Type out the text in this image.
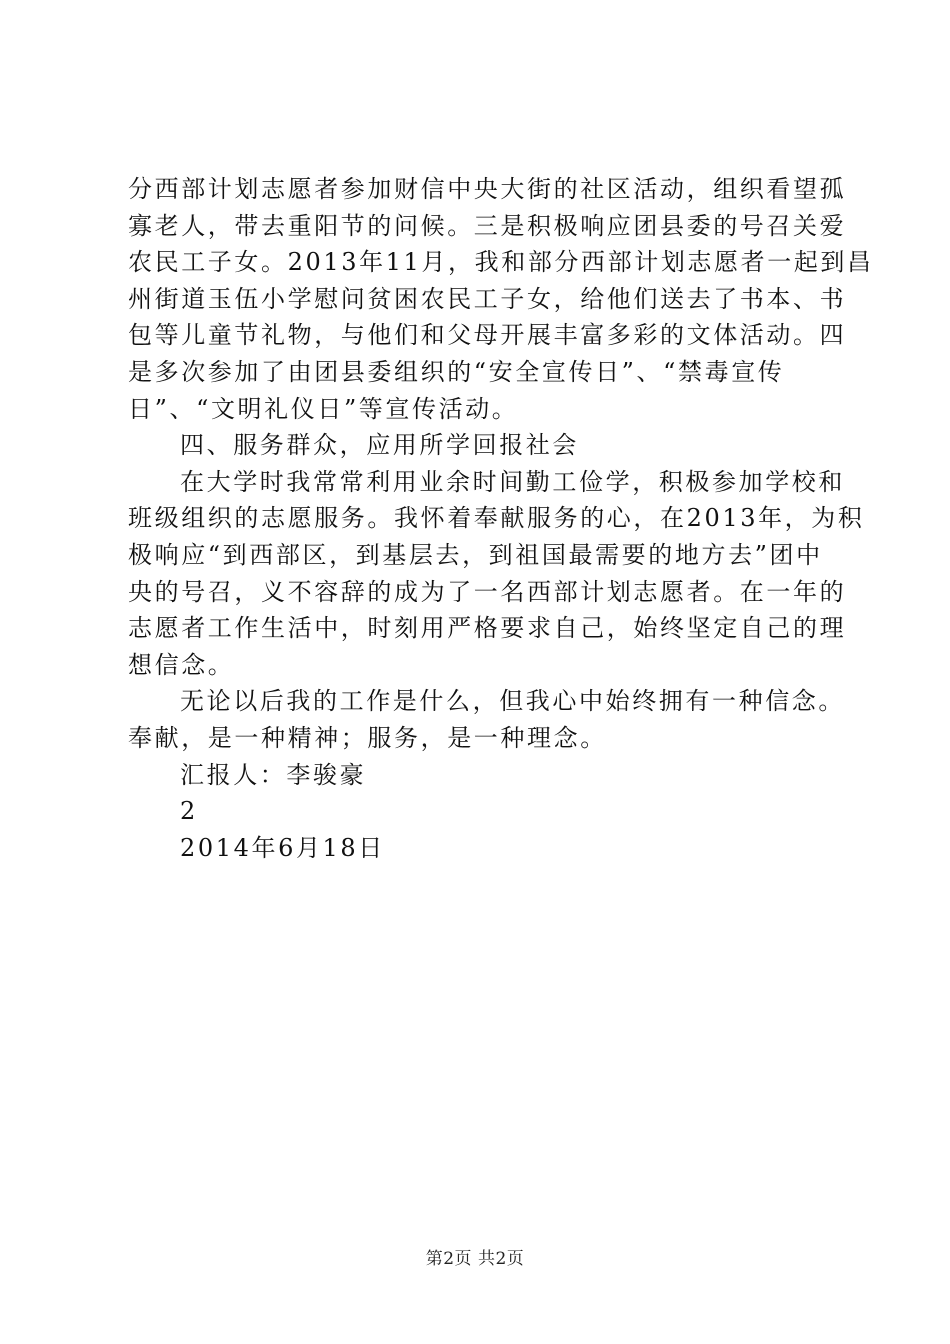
分西部计划志愿者参加财信中央大街的社区活动，组织看望孤
寡老人，带去重阳节的问候。三是积极响应团县委的号召关爱
农民工子女。2013年11月，我和部分西部计划志愿者一起到昌
州街道玉伍小学慰问贫困农民工子女，给他们送去了书本、书
包等儿童节礼物，与他们和父母开展丰富多彩的文体活动。四
是多次参加了由团县委组织的“安全宣传日”、“禁毒宣传
日”、“文明礼仪日”等宣传活动。
四、服务群众，应用所学回报社会
在大学时我常常利用业余时间勤工俭学，积极参加学校和
班级组织的志愿服务。我怀着奉献服务的心，在2013年，为积
极响应“到西部区，到基层去，到祖国最需要的地方去”团中
央的号召，义不容辞的成为了一名西部计划志愿者。在一年的
志愿者工作生活中，时刻用严格要求自己，始终坚定自己的理
想信念。
无论以后我的工作是什么，但我心中始终拥有一种信念。
奉献，是一种精神；服务，是一种理念。
汇报人：李骏豪
2
2014年6月18日
第2页 共2页
